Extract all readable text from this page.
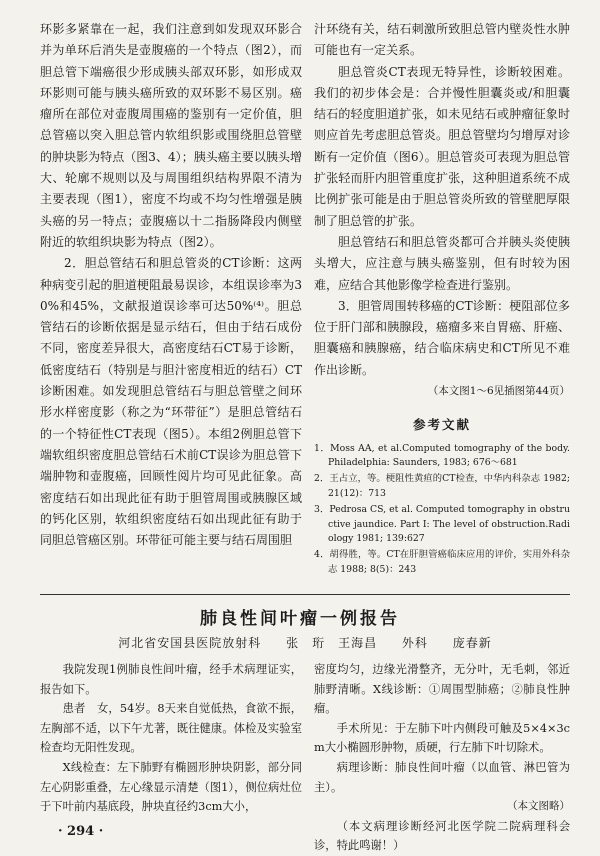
环影多紧靠在一起，我们注意到如发现双环影合并为单环后消失是壶腹癌的一个特点（图2），而胆总管下端癌很少形成胰头部双环影，如形成双环影则可能与胰头癌所致的双环影不易区别。癌瘤所在部位对壶腹周围癌的鉴别有一定价值，胆总管癌以突入胆总管内软组织影或围绕胆总管壁的肿块影为特点（图3、4）；胰头癌主要以胰头增大、轮廓不规则以及与周围组织结构界限不清为主要表现（图1），密度不均或不均匀性增强是胰头癌的另一特点；壶腹癌以十二指肠降段内侧壁附近的软组织块影为特点（图2）。

2．胆总管结石和胆总管炎的CT诊断：这两种病变引起的胆道梗阻最易误诊，本组误诊率为30%和45%，文献报道误诊率可达50%⁽⁴⁾。胆总管结石的诊断依据是显示结石，但由于结石成份不同，密度差异很大，高密度结石CT易于诊断，低密度结石（特别是与胆汁密度相近的结石）CT诊断困难。如发现胆总管结石与胆总管壁之间环形水样密度影（称之为“环带征”）是胆总管结石的一个特征性CT表现（图5）。本组2例胆总管下端软组织密度胆总管结石术前CT误诊为胆总管下端肿物和壶腹癌，回顾性阅片均可见此征象。高密度结石如出现此征有助于胆管周围或胰腺区域的钙化区别，软组织密度结石如出现此征有助于同胆总管癌区别。环带征可能主要与结石周围胆

汁环绕有关，结石刺激所致胆总管内壁炎性水肿可能也有一定关系。

胆总管炎CT表现无特异性，诊断较困难。我们的初步体会是：合并慢性胆囊炎或/和胆囊结石的轻度胆道扩张，如未见结石或肿瘤征象时则应首先考虑胆总管炎。胆总管壁均匀增厚对诊断有一定价值（图6）。胆总管炎可表现为胆总管扩张轻而肝内胆管重度扩张，这种胆道系统不成比例扩张可能是由于胆总管炎所致的管壁肥厚限制了胆总管的扩张。

胆总管结石和胆总管炎都可合并胰头炎使胰头增大，应注意与胰头癌鉴别，但有时较为困难，应结合其他影像学检查进行鉴别。

3．胆管周围转移癌的CT诊断：梗阻部位多位于肝门部和胰腺段，癌瘤多来自胃癌、肝癌、胆囊癌和胰腺癌，结合临床病史和CT所见不难作出诊断。

（本文图1～6见插图第44页）
参考文献
1．Moss AA, et al.Computed tomography of the body. Philadelphia: Saunders, 1983; 676～681
2．王占立，等。梗阻性黄疸的CT检查，中华内科杂志 1982; 21(12)：713
3．Pedrosa CS, et al. Computed tomography in obstructive jaundice. Part I: The level of obstruction.Radiology 1981; 139:627
4．胡得胜，等。CT在肝胆管癌临床应用的评价，实用外科杂志 1988; 8(5)：243
肺良性间叶瘤一例报告
河北省安国县医院放射科 张　珩　王海昌 外科 庞春新

我院发现1例肺良性间叶瘤，经手术病理证实，报告如下。

患者　女，54岁。8天来自觉低热，食欲不振，左胸部不适，以下午尤著，既往健康。体检及实验室检查均无阳性发现。

X线检查：左下肺野有椭圆形肿块阴影，部分同左心阴影重叠，左心缘显示清楚（图1），侧位病灶位于下叶前内基底段，肿块直径约3cm大小，

密度均匀，边缘光滑整齐，无分叶，无毛刺，邻近肺野清晰。X线诊断：①周围型肺癌；②肺良性肿瘤。

手术所见：于左肺下叶内侧段可触及5×4×3cm大小椭圆形肿物，质硬，行左肺下叶切除术。

病理诊断：肺良性间叶瘤（以血管、淋巴管为主）。

（本文图略）

（本文病理诊断经河北医学院二院病理科会诊，特此鸣谢！）

· 294 ·
